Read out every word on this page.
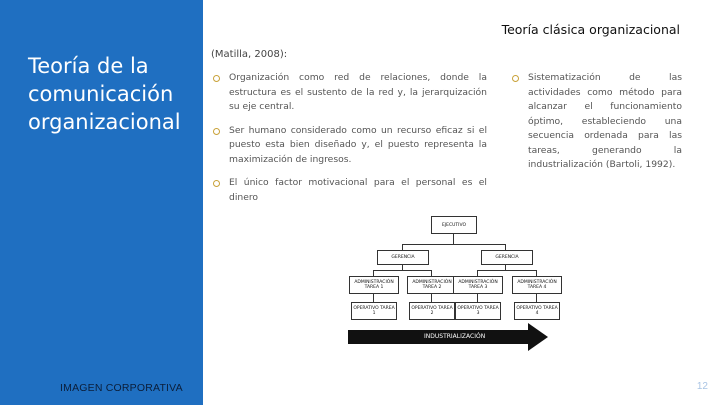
Teoría de la comunicación organizacional
IMAGEN CORPORATIVA
Teoría clásica organizacional
(Matilla, 2008):
Organización como red de relaciones, donde la estructura es el sustento de la red y, la jerarquización su eje central.
Ser humano considerado como un recurso eficaz si el puesto esta bien diseñado y, el puesto representa la maximización de ingresos.
El único factor motivacional para el personal es el dinero
Sistematización de las actividades como método para alcanzar el funcionamiento óptimo, estableciendo una secuencia ordenada para las tareas, generando la industrialización (Bartoli, 1992).
EJECUTIVO
GERENCIA	GERENCIA
ADMINISTRACIÓN TAREA 1
ADMINISTRACIÓN TAREA 2
ADMINISTRACIÓN TAREA 3
ADMINISTRACIÓN TAREA 4
OPERATIVO TAREA 1
OPERATIVO TAREA 2
OPERATIVO TAREA 3
OPERATIVO TAREA 4
INDUSTRIALIZACIÓN
12
